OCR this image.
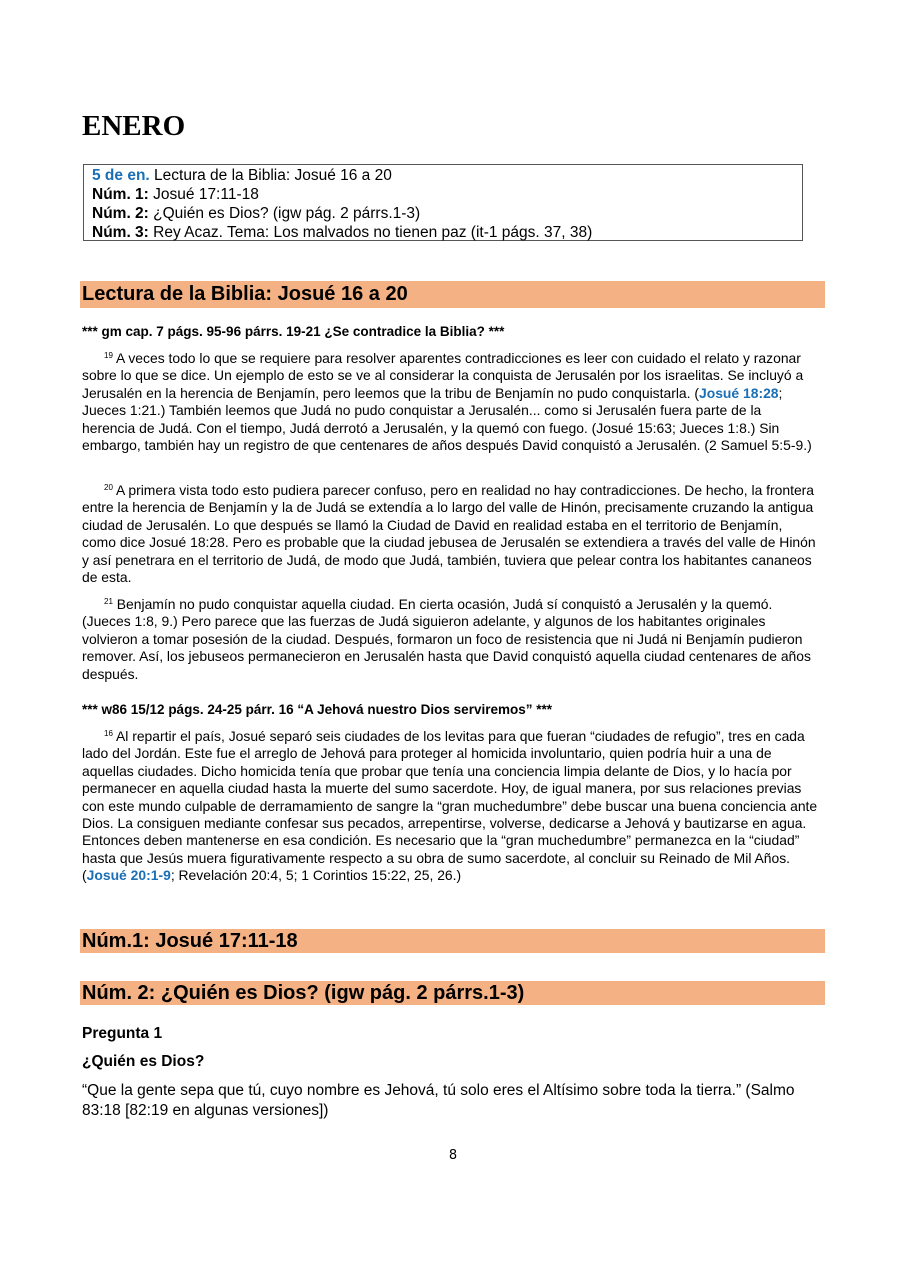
ENERO
5 de en. Lectura de la Biblia: Josué 16 a 20
Núm. 1: Josué 17:11-18
Núm. 2: ¿Quién es Dios? (igw pág. 2 párrs.1-3)
Núm. 3: Rey Acaz. Tema: Los malvados no tienen paz (it-1 págs. 37, 38)
Lectura de la Biblia: Josué 16 a 20
*** gm cap. 7 págs. 95-96 párrs. 19-21 ¿Se contradice la Biblia? ***

$^{19}$ A veces todo lo que se requiere para resolver aparentes contradicciones es leer con cuidado el relato y razonar sobre lo que se dice. Un ejemplo de esto se ve al considerar la conquista de Jerusalén por los israelitas. Se incluyó a Jerusalén en la herencia de Benjamín, pero leemos que la tribu de Benjamín no pudo conquistarla. (Josué 18:28; Jueces 1:21.) También leemos que Judá no pudo conquistar a Jerusalén... como si Jerusalén fuera parte de la herencia de Judá. Con el tiempo, Judá derrotó a Jerusalén, y la quemó con fuego. (Josué 15:63; Jueces 1:8.) Sin embargo, también hay un registro de que centenares de años después David conquistó a Jerusalén. (2 Samuel 5:5-9.)

$^{20}$ A primera vista todo esto pudiera parecer confuso, pero en realidad no hay contradicciones. De hecho, la frontera entre la herencia de Benjamín y la de Judá se extendía a lo largo del valle de Hinón, precisamente cruzando la antigua ciudad de Jerusalén. Lo que después se llamó la Ciudad de David en realidad estaba en el territorio de Benjamín, como dice Josué 18:28. Pero es probable que la ciudad jebusea de Jerusalén se extendiera a través del valle de Hinón y así penetrara en el territorio de Judá, de modo que Judá, también, tuviera que pelear contra los habitantes cananeos de esta.

$^{21}$ Benjamín no pudo conquistar aquella ciudad. En cierta ocasión, Judá sí conquistó a Jerusalén y la quemó. (Jueces 1:8, 9.) Pero parece que las fuerzas de Judá siguieron adelante, y algunos de los habitantes originales volvieron a tomar posesión de la ciudad. Después, formaron un foco de resistencia que ni Judá ni Benjamín pudieron remover. Así, los jebuseos permanecieron en Jerusalén hasta que David conquistó aquella ciudad centenares de años después.

*** w86 15/12 págs. 24-25 párr. 16 “A Jehová nuestro Dios serviremos” ***

$^{16}$ Al repartir el país, Josué separó seis ciudades de los levitas para que fueran “ciudades de refugio”, tres en cada lado del Jordán. Este fue el arreglo de Jehová para proteger al homicida involuntario, quien podría huir a una de aquellas ciudades. Dicho homicida tenía que probar que tenía una conciencia limpia delante de Dios, y lo hacía por permanecer en aquella ciudad hasta la muerte del sumo sacerdote. Hoy, de igual manera, por sus relaciones previas con este mundo culpable de derramamiento de sangre la “gran muchedumbre” debe buscar una buena conciencia ante Dios. La consiguen mediante confesar sus pecados, arrepentirse, volverse, dedicarse a Jehová y bautizarse en agua. Entonces deben mantenerse en esa condición. Es necesario que la “gran muchedumbre” permanezca en la “ciudad” hasta que Jesús muera figurativamente respecto a su obra de sumo sacerdote, al concluir su Reinado de Mil Años. (Josué 20:1-9; Revelación 20:4, 5; 1 Corintios 15:22, 25, 26.)

Núm.1: Josué 17:11-18
Núm. 2: ¿Quién es Dios? (igw pág. 2 párrs.1-3)
Pregunta 1
¿Quién es Dios?

“Que la gente sepa que tú, cuyo nombre es Jehová, tú solo eres el Altísimo sobre toda la tierra.” (Salmo 83:18 [82:19 en algunas versiones])

8
